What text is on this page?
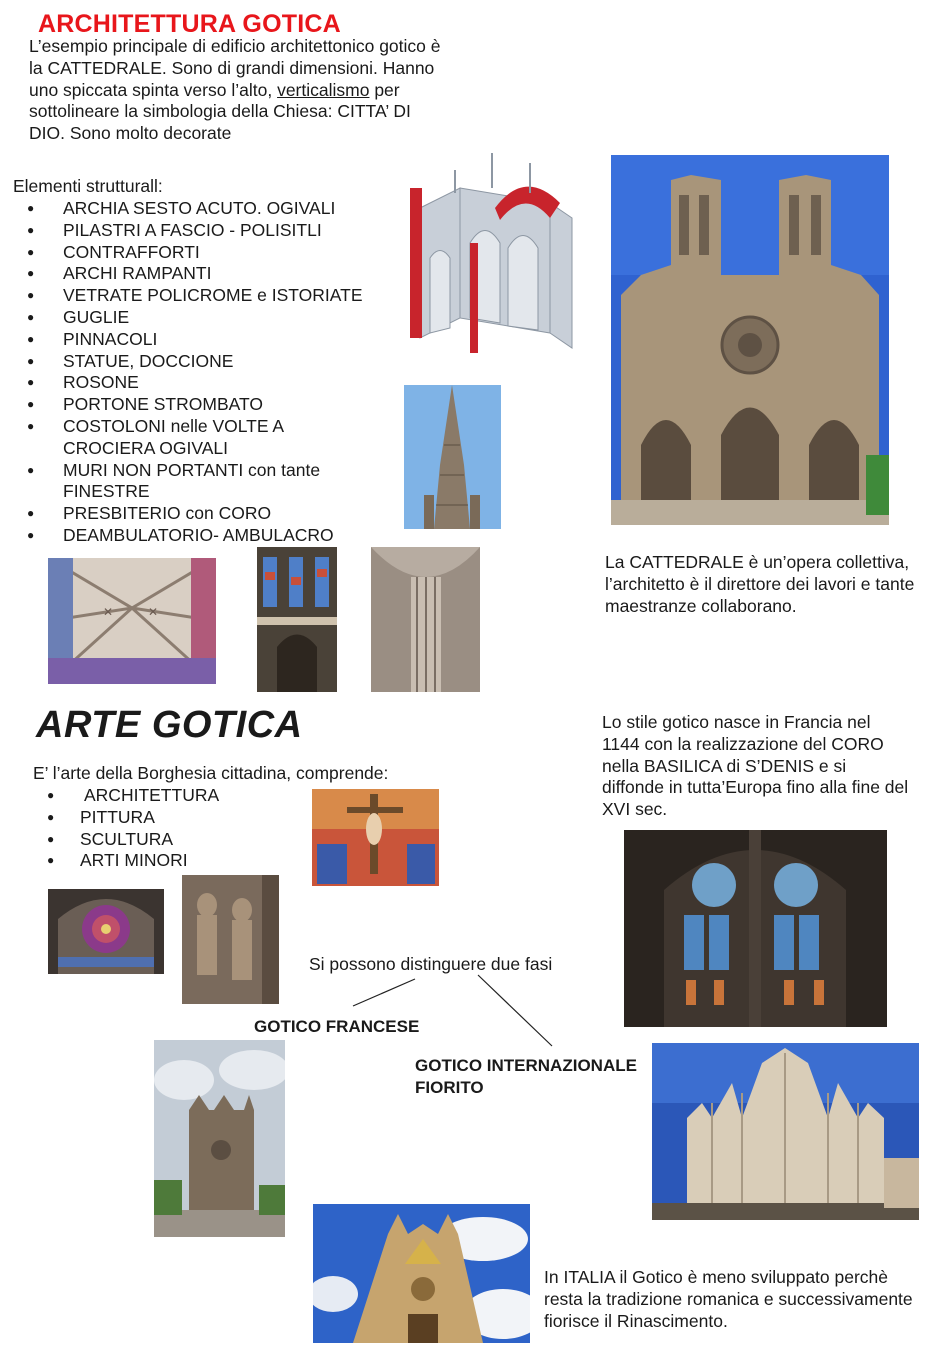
ARCHITETTURA GOTICA
L’esempio principale di edificio architettonico gotico è la CATTEDRALE. Sono di grandi dimensioni. Hanno uno spiccata spinta verso l’alto, verticalismo per sottolineare la simbologia della Chiesa: CITTA’ DI DIO. Sono molto decorate
Elementi strutturall:
● ARCHIA SESTO ACUTO. OGIVALI
● PILASTRI A FASCIO - POLISITLI
● CONTRAFFORTI
● ARCHI RAMPANTI
● VETRATE POLICROME e ISTORIATE
● GUGLIE
● PINNACOLI
● STATUE, DOCCIONE
● ROSONE
● PORTONE STROMBATO
● COSTOLONI nelle VOLTE A CROCIERA OGIVALI
● MURI NON PORTANTI con tante FINESTRE
● PRESBITERIO con CORO
● DEAMBULATORIO- AMBULACRO
✕	✕
La CATTEDRALE è un’opera collettiva, l’architetto è il direttore dei lavori e tante maestranze collaborano.
ARTE GOTICA
E’ l’arte della Borghesia cittadina, comprende:
● ARCHITETTURA
● PITTURA
● SCULTURA
● ARTI MINORI
Lo stile gotico nasce in Francia nel 1144 con la realizzazione del CORO nella BASILICA di S’DENIS e si diffonde in tutta’Europa fino alla fine del XVI sec.
Si possono distinguere due fasi
GOTICO FRANCESE
GOTICO INTERNAZIONALE
FIORITO
In ITALIA il Gotico è meno sviluppato perchè resta la tradizione romanica e successivamente fiorisce il Rinascimento.
